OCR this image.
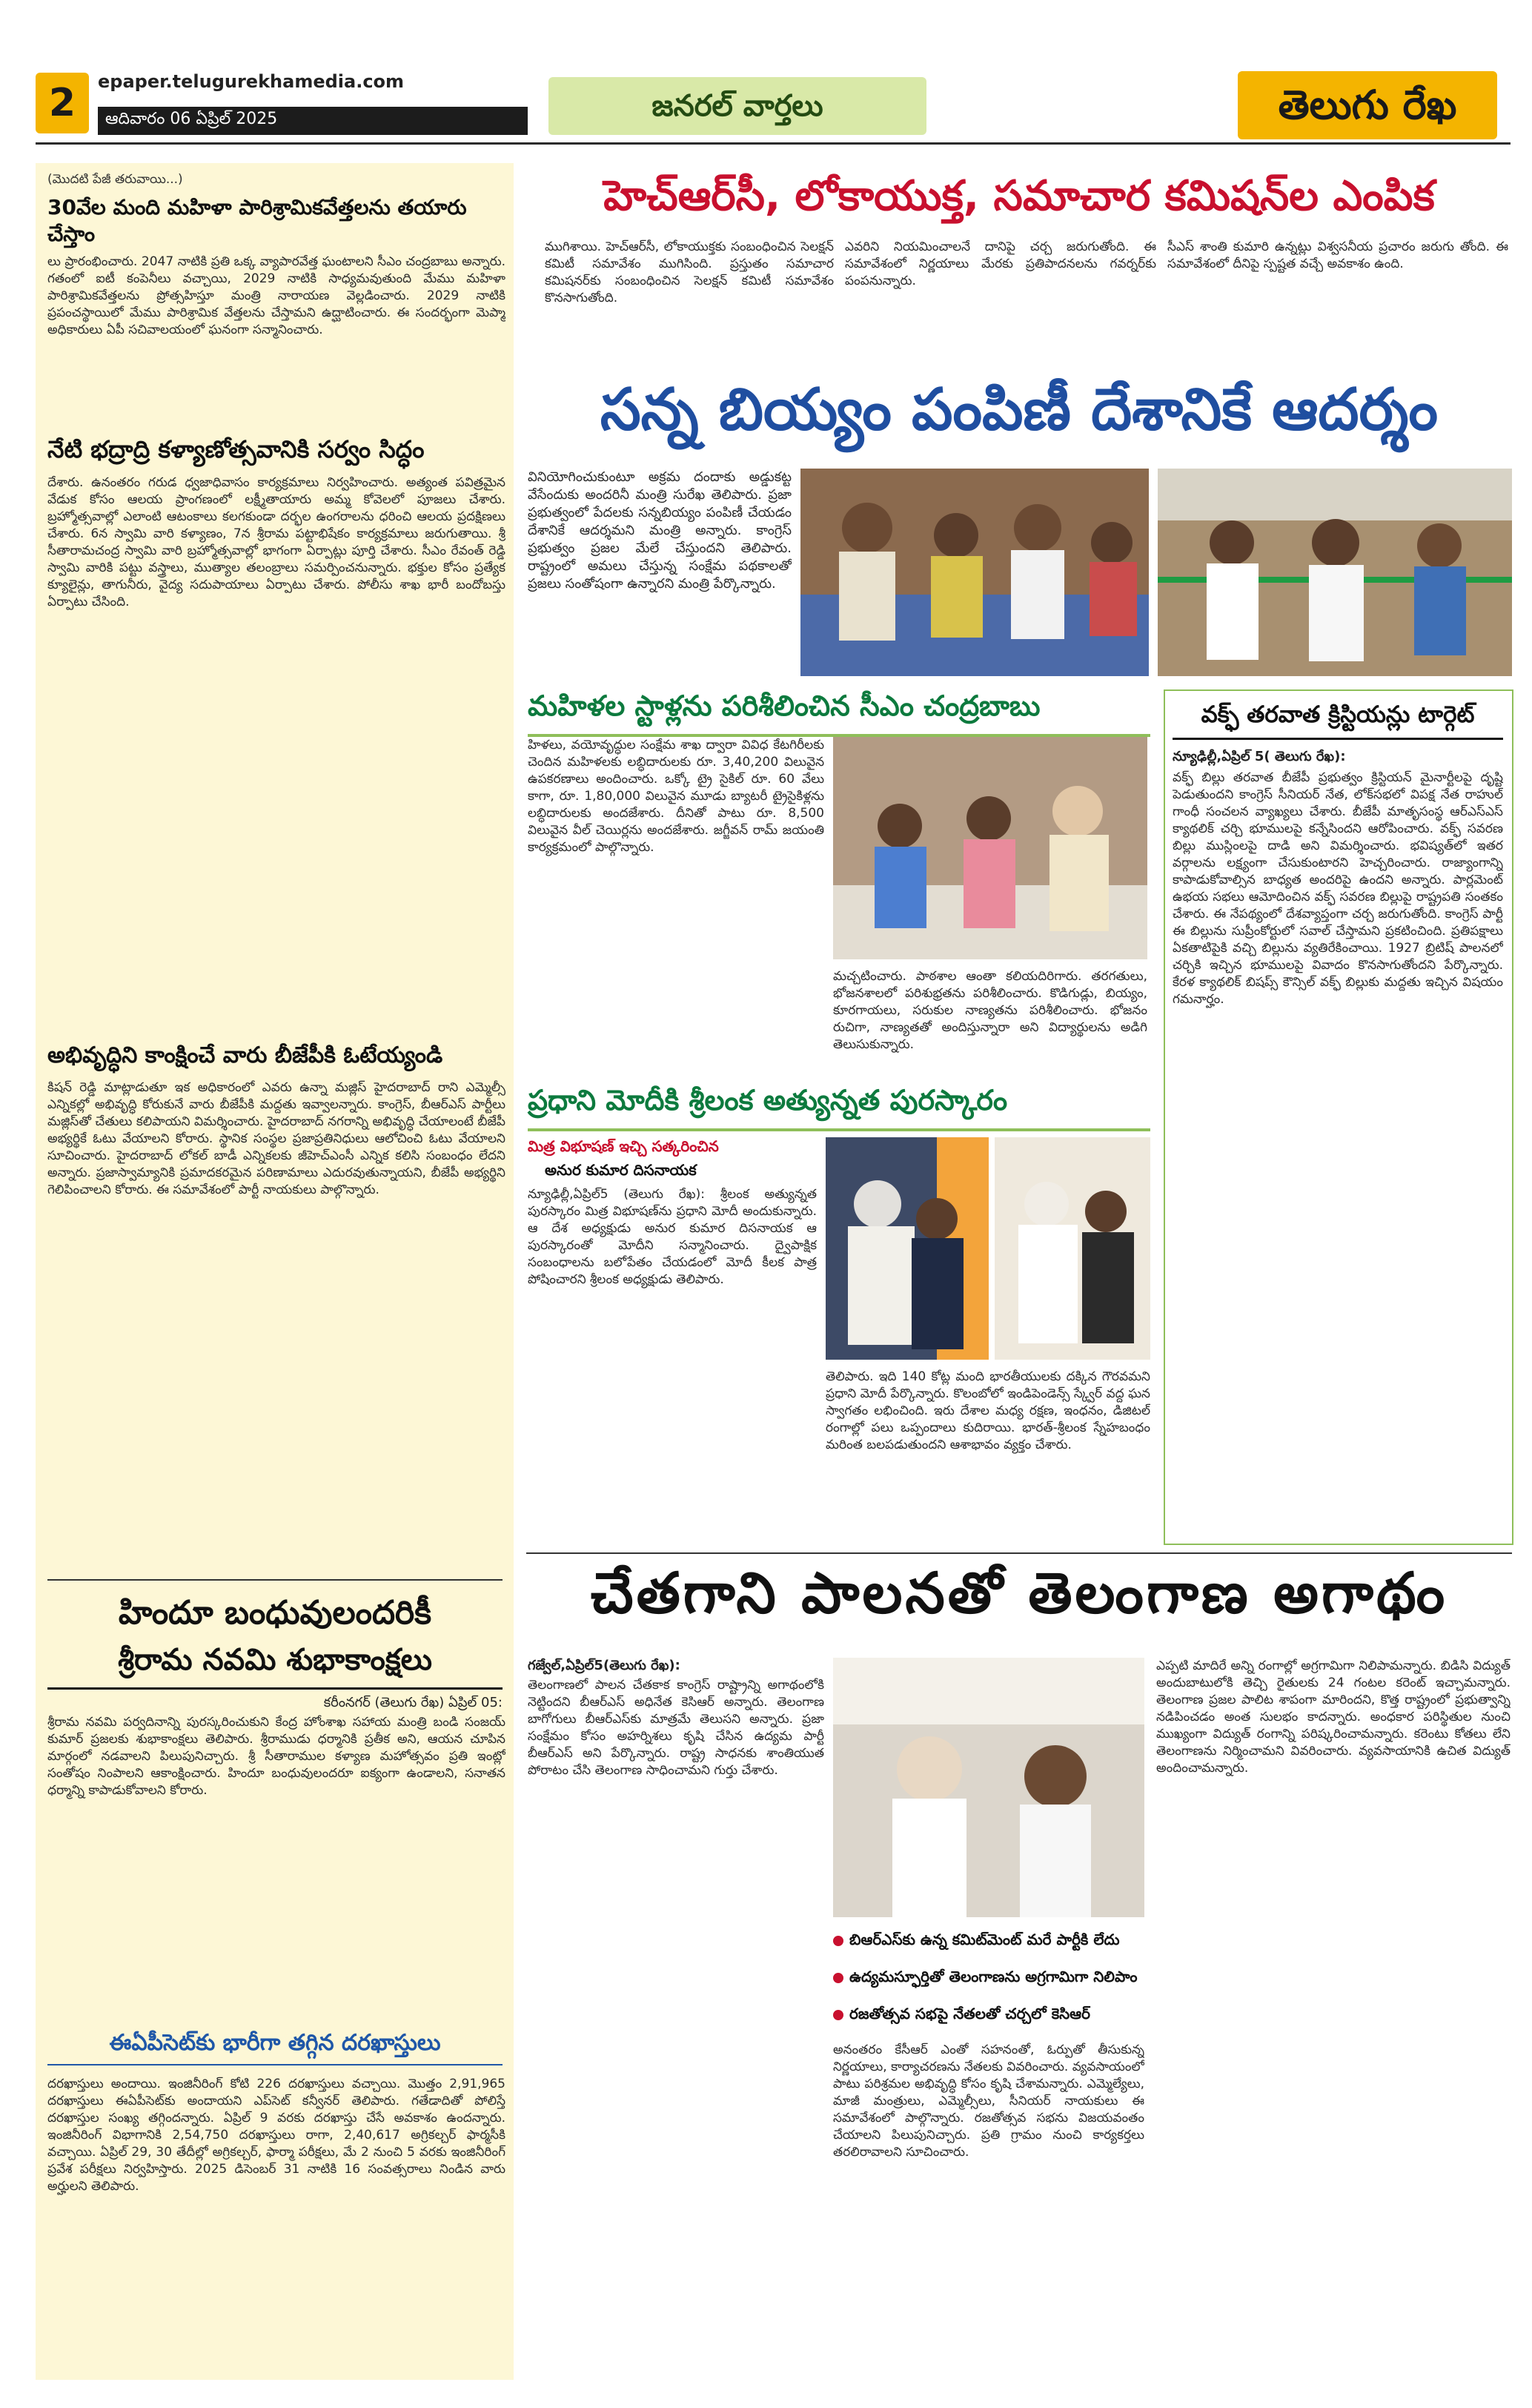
2	epaper.telugurekhamedia.com
ఆదివారం 06 ఏప్రిల్ 2025	జనరల్ వార్తలు	తెలుగు రేఖ
(మొదటి పేజీ తరువాయి...)
30వేల మంది మహిళా పారిశ్రామికవేత్తలను తయారు చేస్తాం
లు ప్రారంభించారు. 2047 నాటికి ప్రతి ఒక్క వ్యాపారవేత్త ఘంటాలని సీఎం చంద్రబాబు అన్నారు. గతంలో ఐటీ కంపెనీలు వచ్చాయి, 2029 నాటికి సాధ్యమవుతుంది మేము మహిళా పారిశ్రామికవేత్తలను ప్రోత్సహిస్తూ మంత్రి నారాయణ వెల్లడించారు. 2029 నాటికి ప్రపంచస్థాయిలో మేము పారిశ్రామిక వేత్తలను చేస్తామని ఉద్ఘాటించారు. ఈ సందర్భంగా మెప్మా అధికారులు ఏపీ సచివాలయంలో ఘనంగా సన్మానించారు.
నేటి భద్రాద్రి కళ్యాణోత్సవానికి సర్వం సిద్ధం
దేశారు. ఉనంతరం గరుడ ధ్వజాధివాసం కార్యక్రమాలు నిర్వహించారు. అత్యంత పవిత్రమైన వేడుక కోసం ఆలయ ప్రాంగణంలో లక్ష్మీతాయారు అమ్మ కోవెలలో పూజలు చేశారు. బ్రహ్మోత్సవాల్లో ఎలాంటి ఆటంకాలు కలగకుండా దర్భల ఉంగరాలను ధరించి ఆలయ ప్రదక్షిణలు చేశారు. 6న స్వామి వారి కళ్యాణం, 7న శ్రీరామ పట్టాభిషేకం కార్యక్రమాలు జరుగుతాయి. శ్రీ సీతారామచంద్ర స్వామి వారి బ్రహ్మోత్సవాల్లో భాగంగా ఏర్పాట్లు పూర్తి చేశారు. సీఎం రేవంత్ రెడ్డి స్వామి వారికి పట్టు వస్త్రాలు, ముత్యాల తలంబ్రాలు సమర్పించనున్నారు. భక్తుల కోసం ప్రత్యేక క్యూలైన్లు, తాగునీరు, వైద్య సదుపాయాలు ఏర్పాటు చేశారు. పోలీసు శాఖ భారీ బందోబస్తు ఏర్పాటు చేసింది.
అభివృద్ధిని కాంక్షించే వారు బీజేపీకి ఓటేయ్యండి
కిషన్ రెడ్డి మాట్లాడుతూ ఇక అధికారంలో ఎవరు ఉన్నా మజ్లిస్ హైదరాబాద్ రాని ఎమ్మెల్సీ ఎన్నికల్లో అభివృద్ధి కోరుకునే వారు బీజేపీకి మద్దతు ఇవ్వాలన్నారు. కాంగ్రెస్, బీఆర్ఎస్ పార్టీలు మజ్లిస్‌తో చేతులు కలిపాయని విమర్శించారు. హైదరాబాద్ నగరాన్ని అభివృద్ధి చేయాలంటే బీజేపీ అభ్యర్థికే ఓటు వేయాలని కోరారు. స్థానిక సంస్థల ప్రజాప్రతినిధులు ఆలోచించి ఓటు వేయాలని సూచించారు. హైదరాబాద్ లోకల్ బాడీ ఎన్నికలకు జీహెచ్ఎంసీ ఎన్నిక కలిసి సంబంధం లేదని అన్నారు. ప్రజాస్వామ్యానికి ప్రమాదకరమైన పరిణామాలు ఎదురవుతున్నాయని, బీజేపీ అభ్యర్థిని గెలిపించాలని కోరారు. ఈ సమావేశంలో పార్టీ నాయకులు పాల్గొన్నారు.
హిందూ బంధువులందరికీ
శ్రీరామ నవమి శుభాకాంక్షలు
కరీంనగర్ (తెలుగు రేఖ) ఏప్రిల్ 05:
శ్రీరామ నవమి పర్వదినాన్ని పురస్కరించుకుని కేంద్ర హోంశాఖ సహాయ మంత్రి బండి సంజయ్ కుమార్ ప్రజలకు శుభాకాంక్షలు తెలిపారు. శ్రీరాముడు ధర్మానికి ప్రతీక అని, ఆయన చూపిన మార్గంలో నడవాలని పిలుపునిచ్చారు. శ్రీ సీతారాముల కళ్యాణ మహోత్సవం ప్రతి ఇంట్లో సంతోషం నింపాలని ఆకాంక్షించారు. హిందూ బంధువులందరూ ఐక్యంగా ఉండాలని, సనాతన ధర్మాన్ని కాపాడుకోవాలని కోరారు.
ఈఏపీసెట్‌కు భారీగా తగ్గిన దరఖాస్తులు
దరఖాస్తులు అందాయి. ఇంజినీరింగ్ కోటి 226 దరఖాస్తులు వచ్చాయి. మొత్తం 2,91,965 దరఖాస్తులు ఈఏపీసెట్‌కు అందాయని ఎప్‌సెట్ కన్వీనర్ తెలిపారు. గతేడాదితో పోలిస్తే దరఖాస్తుల సంఖ్య తగ్గిందన్నారు. ఏప్రిల్ 9 వరకు దరఖాస్తు చేసే అవకాశం ఉందన్నారు. ఇంజినీరింగ్ విభాగానికి 2,54,750 దరఖాస్తులు రాగా, 2,40,617 అగ్రికల్చర్ ఫార్మసీకి వచ్చాయి. ఏప్రిల్ 29, 30 తేదీల్లో అగ్రికల్చర్, ఫార్మా పరీక్షలు, మే 2 నుంచి 5 వరకు ఇంజినీరింగ్ ప్రవేశ పరీక్షలు నిర్వహిస్తారు. 2025 డిసెంబర్ 31 నాటికి 16 సంవత్సరాలు నిండిన వారు అర్హులని తెలిపారు.
హెచ్‌ఆర్‌సీ, లోకాయుక్త, సమాచార కమిషన్‌ల ఎంపిక
ముగిశాయి. హెచ్‌ఆర్‌సీ, లోకాయుక్తకు సంబంధించిన సెలక్షన్ కమిటీ సమావేశం ముగిసింది. ప్రస్తుతం సమాచార కమిషనర్‌కు సంబంధించిన సెలక్షన్ కమిటీ సమావేశం కొనసాగుతోంది.
ఎవరిని నియమించాలనే దానిపై చర్చ జరుగుతోంది. ఈ సమావేశంలో నిర్ణయాలు మేరకు ప్రతిపాదనలను గవర్నర్‌కు పంపనున్నారు.
సీఎస్ శాంతి కుమారి ఉన్నట్లు విశ్వసనీయ ప్రచారం జరుగు తోంది. ఈ సమావేశంలో దీనిపై స్పష్టత వచ్చే అవకాశం ఉంది.
సన్న బియ్యం పంపిణీ దేశానికే ఆదర్శం
వినియోగించుకుంటూ అక్రమ దందాకు అడ్డుకట్ట వేసేందుకు అందరినీ మంత్రి సురేఖ తెలిపారు. ప్రజా ప్రభుత్వంలో పేదలకు సన్నబియ్యం పంపిణీ చేయడం దేశానికే ఆదర్శమని మంత్రి అన్నారు. కాంగ్రెస్ ప్రభుత్వం ప్రజల మేలే చేస్తుందని తెలిపారు. రాష్ట్రంలో అమలు చేస్తున్న సంక్షేమ పథకాలతో ప్రజలు సంతోషంగా ఉన్నారని మంత్రి పేర్కొన్నారు.
మహిళల స్టాళ్లను పరిశీలించిన సీఎం చంద్రబాబు
హిళలు, వయోవృద్ధుల సంక్షేమ శాఖ ద్వారా వివిధ కేటగిరీలకు చెందిన మహిళలకు లబ్ధిదారులకు రూ. 3,40,200 విలువైన ఉపకరణాలు అందించారు. ఒక్కో ట్రై సైకిల్ రూ. 60 వేలు కాగా, రూ. 1,80,000 విలువైన మూడు బ్యాటరీ ట్రైసైకిళ్లను లబ్ధిదారులకు అందజేశారు. దీనితో పాటు రూ. 8,500 విలువైన వీల్ చెయిర్లను అందజేశారు. జగ్జీవన్ రామ్ జయంతి కార్యక్రమంలో పాల్గొన్నారు.
మచ్చటించారు. పాఠశాల ఆంతా కలియదిరిగారు. తరగతులు, భోజనశాలలో పరిశుభ్రతను పరిశీలించారు. కొడిగుడ్లు, బియ్యం, కూరగాయలు, సరుకుల నాణ్యతను పరిశీలించారు. భోజనం రుచిగా, నాణ్యతతో అందిస్తున్నారా అని విద్యార్థులను అడిగి తెలుసుకున్నారు.
వక్ఫ్ తరవాత క్రిస్టియన్లు టార్గెట్
న్యూఢిల్లీ,ఏప్రిల్ 5( తెలుగు రేఖ):
వక్ఫ్ బిల్లు తరవాత బీజేపీ ప్రభుత్వం క్రిస్టియన్ మైనార్టీలపై దృష్టి పెడుతుందని కాంగ్రెస్ సీనియర్ నేత, లోక్‌సభలో విపక్ష నేత రాహుల్ గాంధీ సంచలన వ్యాఖ్యలు చేశారు. బీజేపీ మాతృసంస్థ ఆర్ఎస్ఎస్ క్యాథలిక్ చర్చి భూములపై కన్నేసిందని ఆరోపించారు. వక్ఫ్ సవరణ బిల్లు ముస్లింలపై దాడి అని విమర్శించారు. భవిష్యత్‌లో ఇతర వర్గాలను లక్ష్యంగా చేసుకుంటారని హెచ్చరించారు. రాజ్యాంగాన్ని కాపాడుకోవాల్సిన బాధ్యత అందరిపై ఉందని అన్నారు. పార్లమెంట్ ఉభయ సభలు ఆమోదించిన వక్ఫ్ సవరణ బిల్లుపై రాష్ట్రపతి సంతకం చేశారు. ఈ నేపథ్యంలో దేశవ్యాప్తంగా చర్చ జరుగుతోంది. కాంగ్రెస్ పార్టీ ఈ బిల్లును సుప్రీంకోర్టులో సవాల్ చేస్తామని ప్రకటించింది. ప్రతిపక్షాలు ఏకతాటిపైకి వచ్చి బిల్లును వ్యతిరేకించాయి. 1927 బ్రిటిష్ పాలనలో చర్చికి ఇచ్చిన భూములపై వివాదం కొనసాగుతోందని పేర్కొన్నారు. కేరళ క్యాథలిక్ బిషప్స్ కౌన్సిల్ వక్ఫ్ బిల్లుకు మద్దతు ఇచ్చిన విషయం గమనార్హం.
ప్రధాని మోదీకి శ్రీలంక అత్యున్నత పురస్కారం
మిత్ర విభూషణ్ ఇచ్చి సత్కరించిన
అనుర కుమార దిసనాయక
న్యూఢిల్లీ,ఏప్రిల్5 (తెలుగు రేఖ): శ్రీలంక అత్యున్నత పురస్కారం మిత్ర విభూషణ్‌ను ప్రధాని మోదీ అందుకున్నారు. ఆ దేశ అధ్యక్షుడు అనుర కుమార దిసనాయక ఆ పురస్కారంతో మోదీని సన్మానించారు. ద్వైపాక్షిక సంబంధాలను బలోపేతం చేయడంలో మోదీ కీలక పాత్ర పోషించారని శ్రీలంక అధ్యక్షుడు తెలిపారు.
తెలిపారు. ఇది 140 కోట్ల మంది భారతీయులకు దక్కిన గౌరవమని ప్రధాని మోదీ పేర్కొన్నారు. కొలంబోలో ఇండిపెండెన్స్ స్క్వేర్ వద్ద ఘన స్వాగతం లభించింది. ఇరు దేశాల మధ్య రక్షణ, ఇంధనం, డిజిటల్ రంగాల్లో పలు ఒప్పందాలు కుదిరాయి. భారత్-శ్రీలంక స్నేహబంధం మరింత బలపడుతుందని ఆశాభావం వ్యక్తం చేశారు.
చేతగాని పాలనతో తెలంగాణ అగాథం
గజ్వేల్,ఏప్రిల్5(తెలుగు రేఖ):
తెలంగాణలో పాలన చేతకాక కాంగ్రెస్ రాష్ట్రాన్ని అగాథంలోకి నెట్టిందని బీఆర్ఎస్ అధినేత కెసిఆర్ అన్నారు. తెలంగాణ బాగోగులు బీఆర్ఎస్‌కు మాత్రమే తెలుసని అన్నారు. ప్రజా సంక్షేమం కోసం అహర్నిశలు కృషి చేసిన ఉద్యమ పార్టీ బీఆర్ఎస్ అని పేర్కొన్నారు. రాష్ట్ర సాధనకు శాంతియుత పోరాటం చేసి తెలంగాణ సాధించామని గుర్తు చేశారు.
బిఆర్‌ఎస్‌కు ఉన్న కమిట్‌మెంట్ మరే పార్టీకి లేదు
ఉద్యమస్ఫూర్తితో తెలంగాణను అగ్రగామిగా నిలిపాం
రజతోత్సవ సభపై నేతలతో చర్చలో కెసిఆర్
అనంతరం కేసీఆర్ ఎంతో సహనంతో, ఓర్పుతో తీసుకున్న నిర్ణయాలు, కార్యాచరణను నేతలకు వివరించారు. వ్యవసాయంలో పాటు పరిశ్రమల అభివృద్ధి కోసం కృషి చేశామన్నారు. ఎమ్మెల్యేలు, మాజీ మంత్రులు, ఎమ్మెల్సీలు, సీనియర్ నాయకులు ఈ సమావేశంలో పాల్గొన్నారు. రజతోత్సవ సభను విజయవంతం చేయాలని పిలుపునిచ్చారు. ప్రతి గ్రామం నుంచి కార్యకర్తలు తరలిరావాలని సూచించారు.
ఎప్పటి మాదిరే అన్ని రంగాల్లో అగ్రగామిగా నిలిపామన్నారు. బిడిసి విద్యుత్ అందుబాటులోకి తెచ్చి రైతులకు 24 గంటల కరెంట్ ఇచ్చామన్నారు. తెలంగాణ ప్రజల పాలిట శాపంగా మారిందని, కొత్త రాష్ట్రంలో ప్రభుత్వాన్ని నడిపించడం అంత సులభం కాదన్నారు. అంధకార పరిస్థితుల నుంచి ముఖ్యంగా విద్యుత్ రంగాన్ని పరిష్కరించామన్నారు. కరెంటు కోతలు లేని తెలంగాణను నిర్మించామని వివరించారు. వ్యవసాయానికి ఉచిత విద్యుత్ అందించామన్నారు.
